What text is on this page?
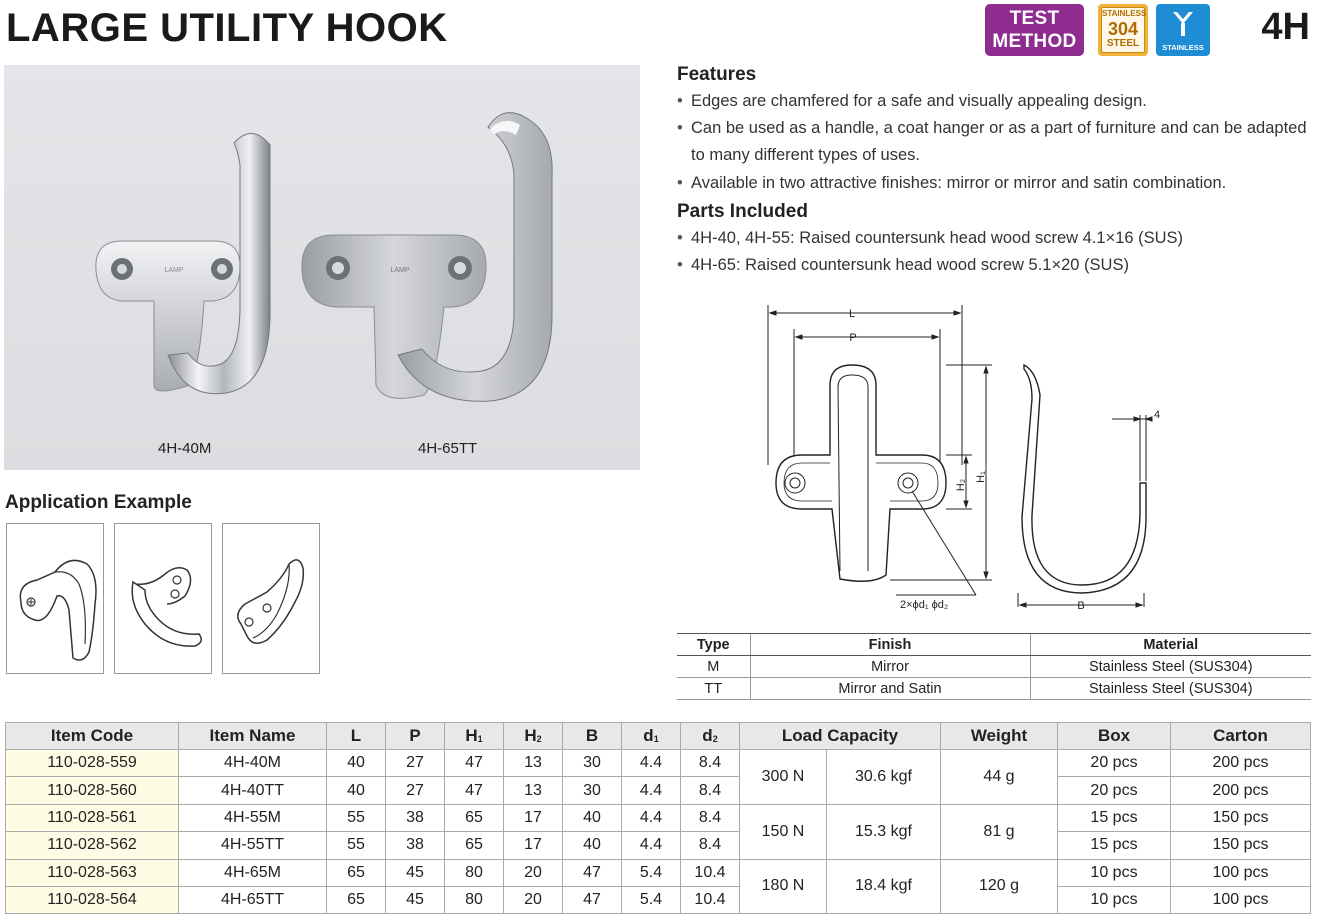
LARGE UTILITY HOOK	TEST
METHOD 4
STAINLESS
304
STEEL	STAINLESS 4H
LAMP	LAMP
4H-40M	4H-65TT
Application Example
Features
• Edges are chamfered for a safe and visually appealing design.
• Can be used as a handle, a coat hanger or as a part of furniture and can be adapted to many different types of uses.
• Available in two attractive finishes: mirror or mirror and satin combination.
Parts Included
• 4H-40, 4H-55: Raised countersunk head wood screw 4.1×16 (SUS)
• 4H-65: Raised countersunk head wood screw 5.1×20 (SUS)
L
P
H₁
H₂
B
4
2×ϕd₁ ϕd₂
Type	Finish	Material
M	Mirror	Stainless Steel (SUS304)
TT	Mirror and Satin	Stainless Steel (SUS304)
Item Code	Item Name	L	P	$H_1$	$H_2$	B	$d_1$	$d_2$	Load Capacity		Weight	Box	Carton
110-028-559	4H-40M	40	27	47	13	30	4.4	8.4	300 N	30.6 kgf	44 g	20 pcs	200 pcs
110-028-560	4H-40TT	40	27	47	13	30	4.4	8.4				20 pcs	200 pcs
110-028-561	4H-55M	55	38	65	17	40	4.4	8.4	150 N	15.3 kgf	81 g	15 pcs	150 pcs
110-028-562	4H-55TT	55	38	65	17	40	4.4	8.4				15 pcs	150 pcs
110-028-563	4H-65M	65	45	80	20	47	5.4	10.4	180 N	18.4 kgf	120 g	10 pcs	100 pcs
110-028-564	4H-65TT	65	45	80	20	47	5.4	10.4				10 pcs	100 pcs
